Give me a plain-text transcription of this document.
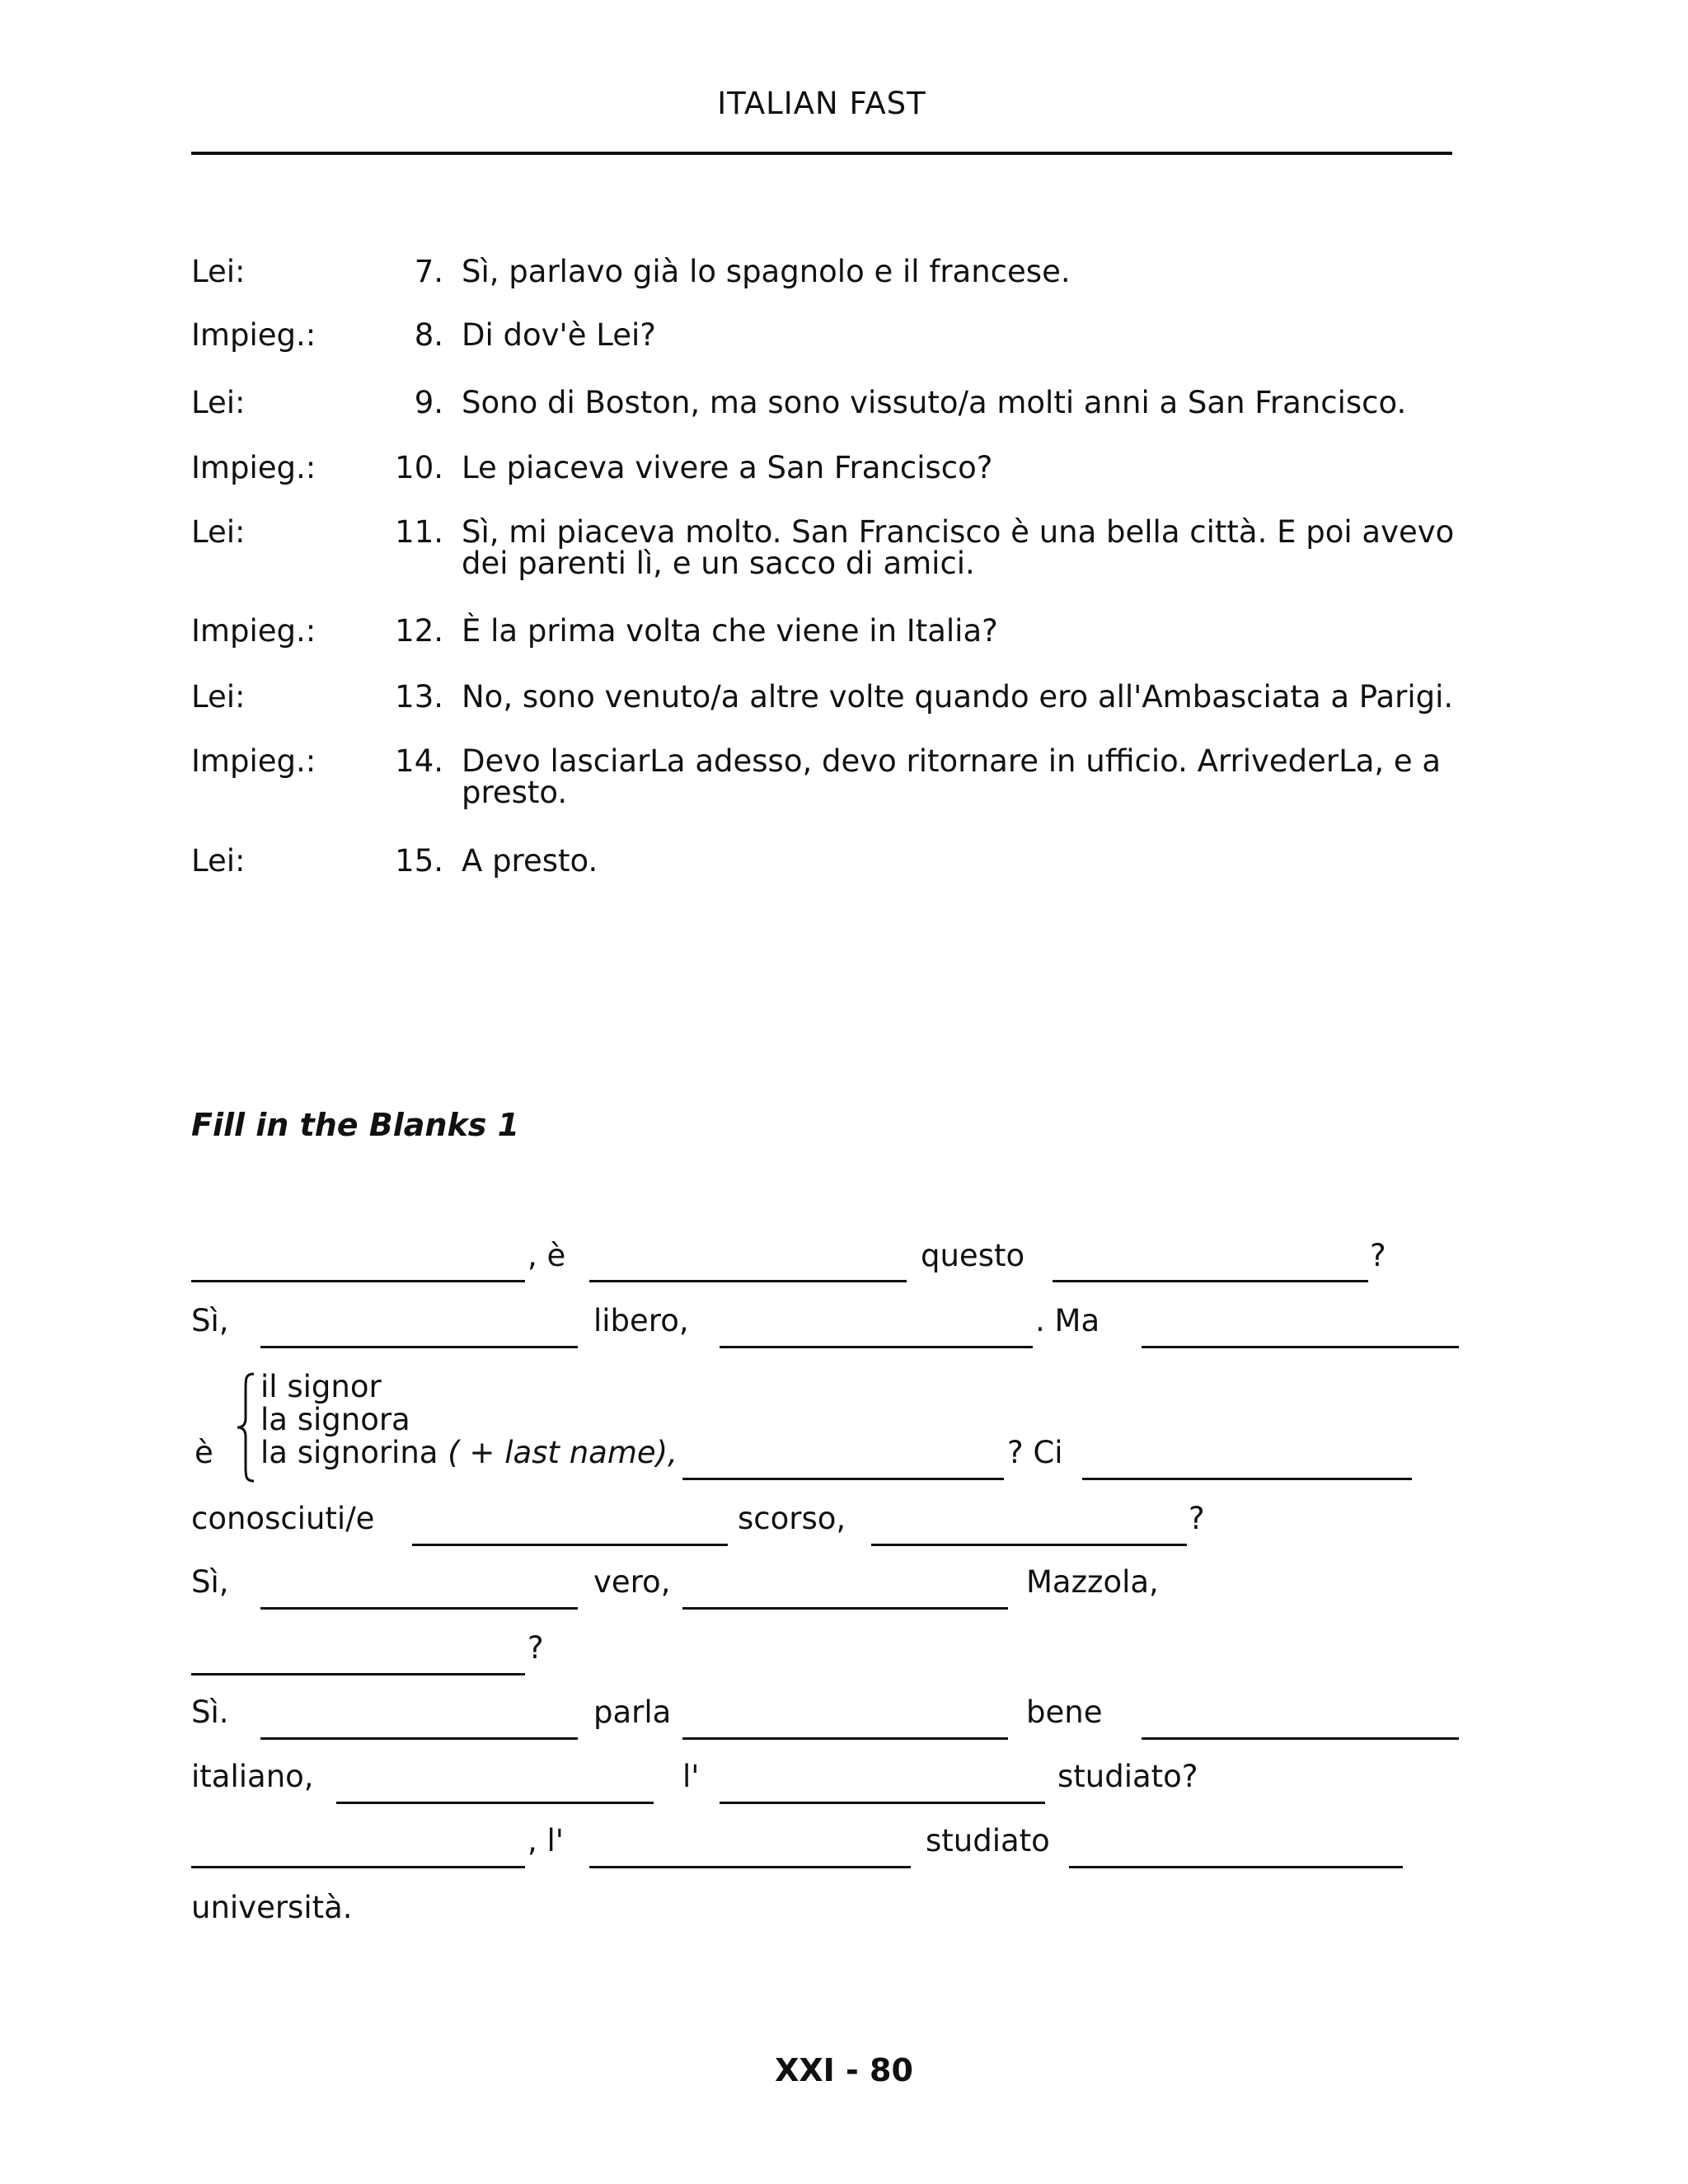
ITALIAN FAST
Lei:	7. Sì, parlavo già lo spagnolo e il francese.
Impieg.:	8. Di dov'è Lei?
Lei:	9. Sono di Boston, ma sono vissuto/a molti anni a San Francisco.
Impieg.:	10. Le piaceva vivere a San Francisco?
Lei:	11. Sì, mi piaceva molto. San Francisco è una bella città. E poi avevo dei parenti lì, e un sacco di amici.
Impieg.:	12. È la prima volta che viene in Italia?
Lei:	13. No, sono venuto/a altre volte quando ero all'Ambasciata a Parigi.
Impieg.:	14. Devo lasciarLa adesso, devo ritornare in ufficio. ArrivederLa, e a presto.
Lei:	15. A presto.
Fill in the Blanks 1
, è	questo	?
Sì,	libero,	. Ma
il signor
la signora
è la signorina ( + last name),	? Ci
conosciuti/e	scorso,	?
Sì,	vero,	Mazzola,
?
Sì.	parla	bene
italiano,	l'	studiato?
, l'	studiato
università.
XXI - 80
